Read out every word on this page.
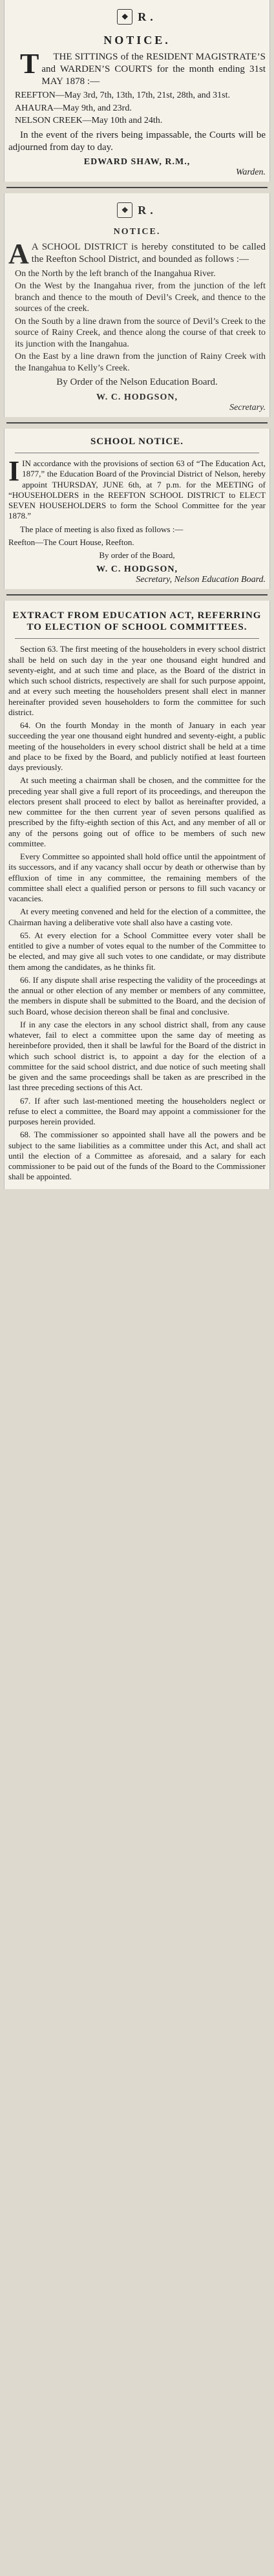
❖ R.
NOTICE.
T THE SITTINGS of the RESIDENT MAGISTRATE’S and WARDEN’S COURTS for the month ending 31st MAY 1878 :—
REEFTON—May 3rd, 7th, 13th, 17th, 21st, 28th, and 31st.
AHAURA—May 9th, and 23rd.
NELSON CREEK—May 10th and 24th.
In the event of the rivers being impassable, the Courts will be adjourned from day to day.
EDWARD SHAW, R.M.,
Warden.
❖ R.
NOTICE.
A A SCHOOL DISTRICT is hereby constituted to be called the Reefton School District, and bounded as follows :—
On the North by the left branch of the Inangahua River.
On the West by the Inangahua river, from the junction of the left branch and thence to the mouth of Devil’s Creek, and thence to the sources of the creek.
On the South by a line drawn from the source of Devil’s Creek to the source of Rainy Creek, and thence along the course of that creek to its junction with the Inangahua.
On the East by a line drawn from the junction of Rainy Creek with the Inangahua to Kelly’s Creek.
By Order of the Nelson Education Board.
W. C. HODGSON,
Secretary.
SCHOOL NOTICE.
I IN accordance with the provisions of section 63 of “The Education Act, 1877,” the Education Board of the Provincial District of Nelson, hereby appoint THURSDAY, JUNE 6th, at 7 p.m. for the MEETING of “HOUSEHOLDERS in the REEFTON SCHOOL DISTRICT to ELECT SEVEN HOUSEHOLDERS to form the School Committee for the year 1878.”
The place of meeting is also fixed as follows :—
Reefton—The Court House, Reefton.
By order of the Board,
W. C. HODGSON,
Secretary, Nelson Education Board.
EXTRACT FROM EDUCATION ACT, REFERRING TO ELECTION OF SCHOOL COMMITTEES.
Section 63. The first meeting of the householders in every school district shall be held on such day in the year one thousand eight hundred and seventy-eight, and at such time and place, as the Board of the district in which such school districts, respectively are shall for such purpose appoint, and at every such meeting the householders present shall elect in manner hereinafter provided seven householders to form the committee for such district.
64. On the fourth Monday in the month of January in each year succeeding the year one thousand eight hundred and seventy-eight, a public meeting of the householders in every school district shall be held at a time and place to be fixed by the Board, and publicly notified at least fourteen days previously.
At such meeting a chairman shall be chosen, and the committee for the preceding year shall give a full report of its proceedings, and thereupon the electors present shall proceed to elect by ballot as hereinafter provided, a new committee for the then current year of seven persons qualified as prescribed by the fifty-eighth section of this Act, and any member of all or any of the persons going out of office to be members of such new committee.
Every Committee so appointed shall hold office until the appointment of its successors, and if any vacancy shall occur by death or otherwise than by effluxion of time in any committee, the remaining members of the committee shall elect a qualified person or persons to fill such vacancy or vacancies.
At every meeting convened and held for the election of a committee, the Chairman having a deliberative vote shall also have a casting vote.
65. At every election for a School Committee every voter shall be entitled to give a number of votes equal to the number of the Committee to be elected, and may give all such votes to one candidate, or may distribute them among the candidates, as he thinks fit.
66. If any dispute shall arise respecting the validity of the proceedings at the annual or other election of any member or members of any committee, the members in dispute shall be submitted to the Board, and the decision of such Board, whose decision thereon shall be final and conclusive.
If in any case the electors in any school district shall, from any cause whatever, fail to elect a committee upon the same day of meeting as hereinbefore provided, then it shall be lawful for the Board of the district in which such school district is, to appoint a day for the election of a committee for the said school district, and due notice of such meeting shall be given and the same proceedings shall be taken as are prescribed in the last three preceding sections of this Act.
67. If after such last-mentioned meeting the householders neglect or refuse to elect a committee, the Board may appoint a commissioner for the purposes herein provided.
68. The commissioner so appointed shall have all the powers and be subject to the same liabilities as a committee under this Act, and shall act until the election of a Committee as aforesaid, and a salary for each commissioner to be paid out of the funds of the Board to the Commissioner shall be appointed.
